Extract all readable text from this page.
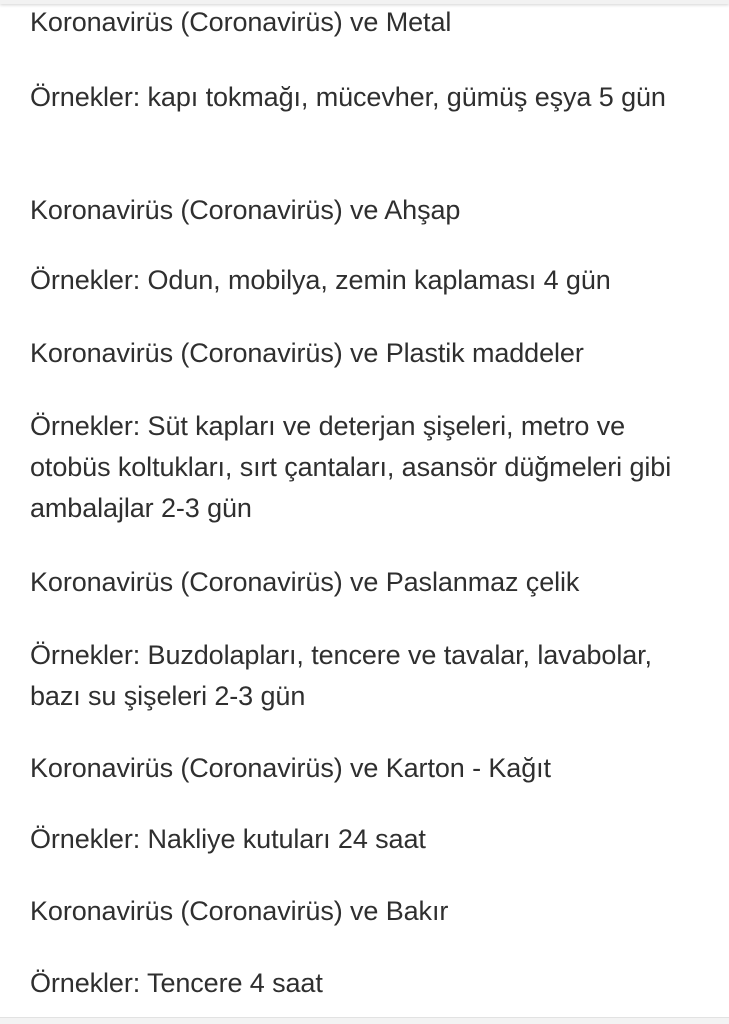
Koronavirüs (Coronavirüs) ve Metal

Örnekler: kapı tokmağı, mücevher, gümüş eşya 5 gün

Koronavirüs (Coronavirüs) ve Ahşap

Örnekler: Odun, mobilya, zemin kaplaması 4 gün

Koronavirüs (Coronavirüs) ve Plastik maddeler

Örnekler: Süt kapları ve deterjan şişeleri, metro ve otobüs koltukları, sırt çantaları, asansör düğmeleri gibi ambalajlar 2-3 gün

Koronavirüs (Coronavirüs) ve Paslanmaz çelik

Örnekler: Buzdolapları, tencere ve tavalar, lavabolar, bazı su şişeleri 2-3 gün

Koronavirüs (Coronavirüs) ve Karton - Kağıt

Örnekler: Nakliye kutuları 24 saat

Koronavirüs (Coronavirüs) ve Bakır

Örnekler: Tencere 4 saat
